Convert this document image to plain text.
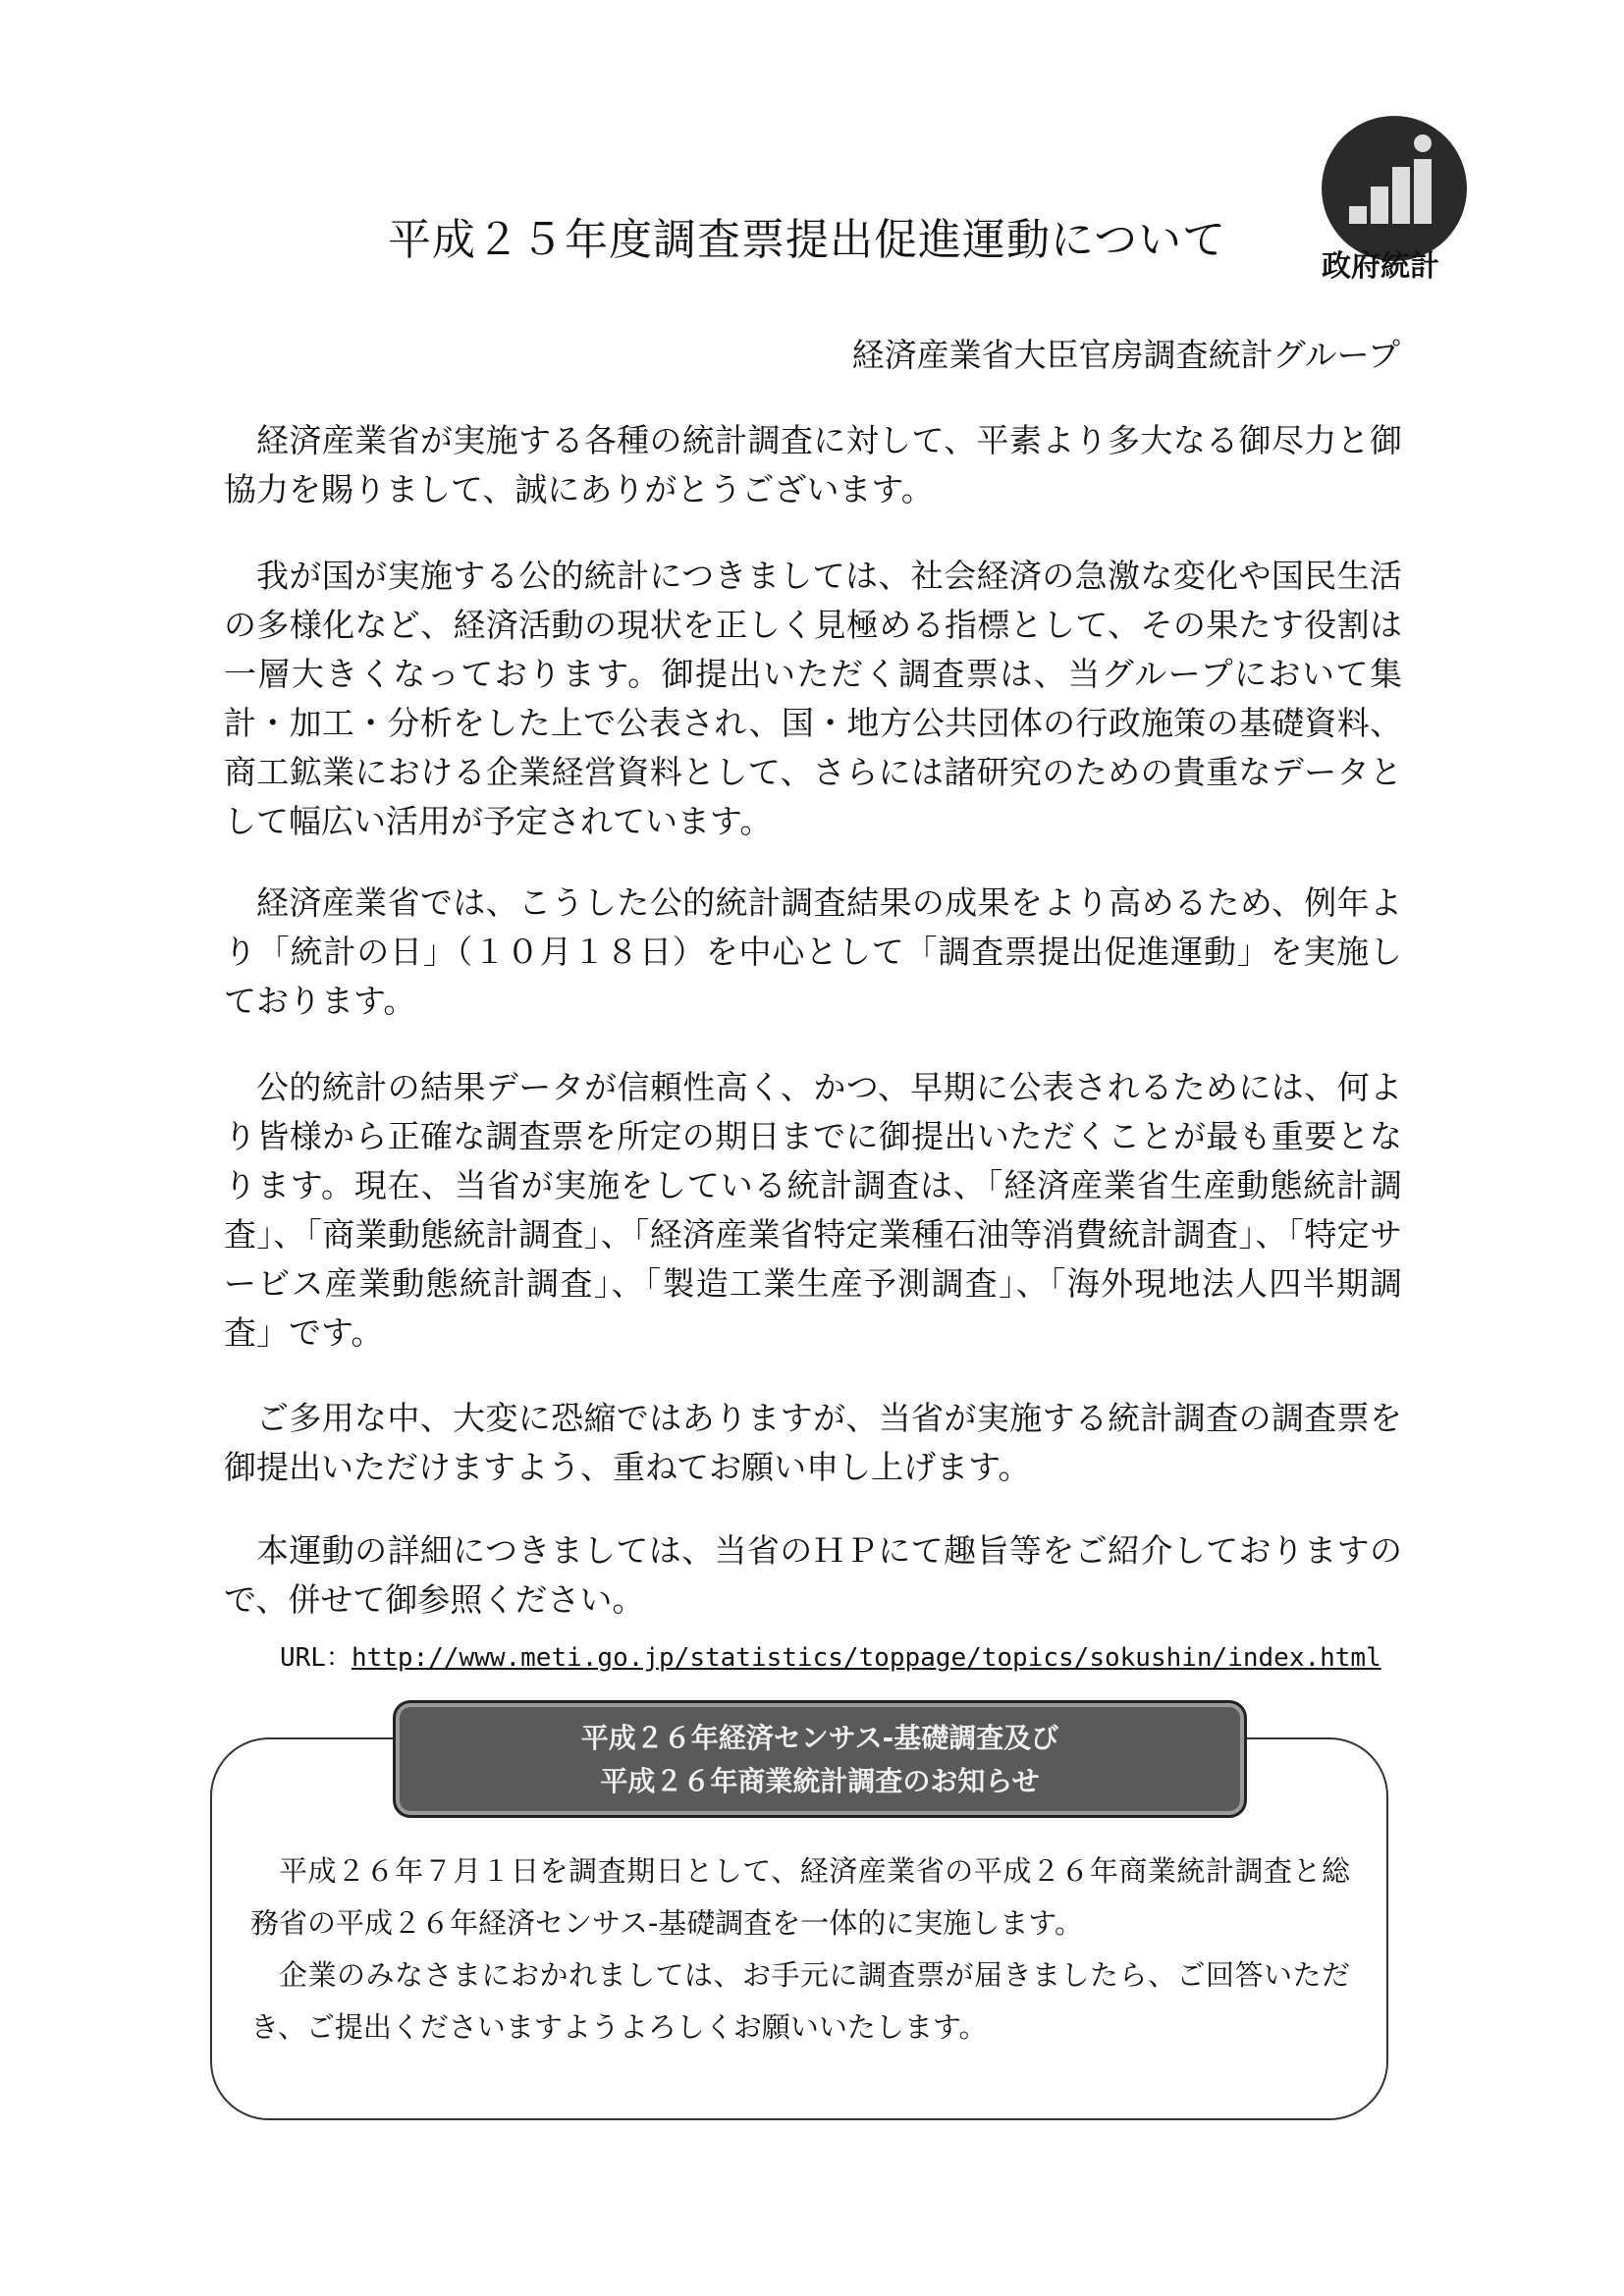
平成２５年度調査票提出促進運動について
政府統計
経済産業省大臣官房調査統計グループ

経済産業省が実施する各種の統計調査に対して、平素より多大なる御尽力と御協力を賜りまして、誠にありがとうございます。

我が国が実施する公的統計につきましては、社会経済の急激な変化や国民生活の多様化など、経済活動の現状を正しく見極める指標として、その果たす役割は一層大きくなっております。御提出いただく調査票は、当グループにおいて集計・加工・分析をした上で公表され、国・地方公共団体の行政施策の基礎資料、商工鉱業における企業経営資料として、さらには諸研究のための貴重なデータとして幅広い活用が予定されています。

経済産業省では、こうした公的統計調査結果の成果をより高めるため、例年より「統計の日」（１０月１８日）を中心として「調査票提出促進運動」を実施しております。

公的統計の結果データが信頼性高く、かつ、早期に公表されるためには、何より皆様から正確な調査票を所定の期日までに御提出いただくことが最も重要となります。現在、当省が実施をしている統計調査は、「経済産業省生産動態統計調査」、「商業動態統計調査」、「経済産業省特定業種石油等消費統計調査」、「特定サービス産業動態統計調査」、「製造工業生産予測調査」、「海外現地法人四半期調査」です。

ご多用な中、大変に恐縮ではありますが、当省が実施する統計調査の調査票を御提出いただけますよう、重ねてお願い申し上げます。

本運動の詳細につきましては、当省のＨＰにて趣旨等をご紹介しておりますので、併せて御参照ください。

URL：http://www.meti.go.jp/statistics/toppage/topics/sokushin/index.html
平成２６年経済センサス‐基礎調査及び
平成２６年商業統計調査のお知らせ

平成２６年７月１日を調査期日として、経済産業省の平成２６年商業統計調査と総務省の平成２６年経済センサス‐基礎調査を一体的に実施します。

企業のみなさまにおかれましては、お手元に調査票が届きましたら、ご回答いただき、ご提出くださいますようよろしくお願いいたします。
